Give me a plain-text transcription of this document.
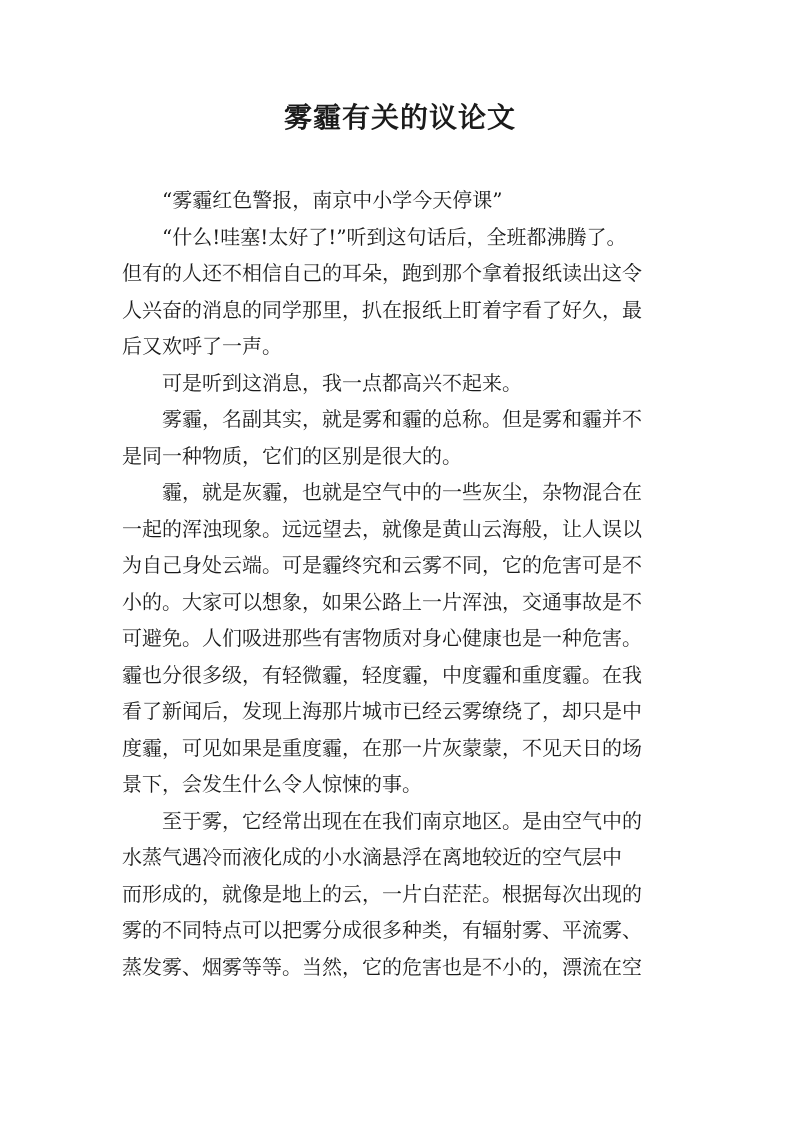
雾霾有关的议论文

“雾霾红色警报，南京中小学今天停课”

“什么!哇塞!太好了!”听到这句话后，全班都沸腾了。
但有的人还不相信自己的耳朵，跑到那个拿着报纸读出这令
人兴奋的消息的同学那里，扒在报纸上盯着字看了好久，最
后又欢呼了一声。

可是听到这消息，我一点都高兴不起来。

雾霾，名副其实，就是雾和霾的总称。但是雾和霾并不
是同一种物质，它们的区别是很大的。

霾，就是灰霾，也就是空气中的一些灰尘，杂物混合在
一起的浑浊现象。远远望去，就像是黄山云海般，让人误以
为自己身处云端。可是霾终究和云雾不同，它的危害可是不
小的。大家可以想象，如果公路上一片浑浊，交通事故是不
可避免。人们吸进那些有害物质对身心健康也是一种危害。
霾也分很多级，有轻微霾，轻度霾，中度霾和重度霾。在我
看了新闻后，发现上海那片城市已经云雾缭绕了，却只是中
度霾，可见如果是重度霾，在那一片灰蒙蒙，不见天日的场
景下，会发生什么令人惊悚的事。

至于雾，它经常出现在在我们南京地区。是由空气中的
水蒸气遇冷而液化成的小水滴悬浮在离地较近的空气层中
而形成的，就像是地上的云，一片白茫茫。根据每次出现的
雾的不同特点可以把雾分成很多种类，有辐射雾、平流雾、
蒸发雾、烟雾等等。当然，它的危害也是不小的，漂流在空
